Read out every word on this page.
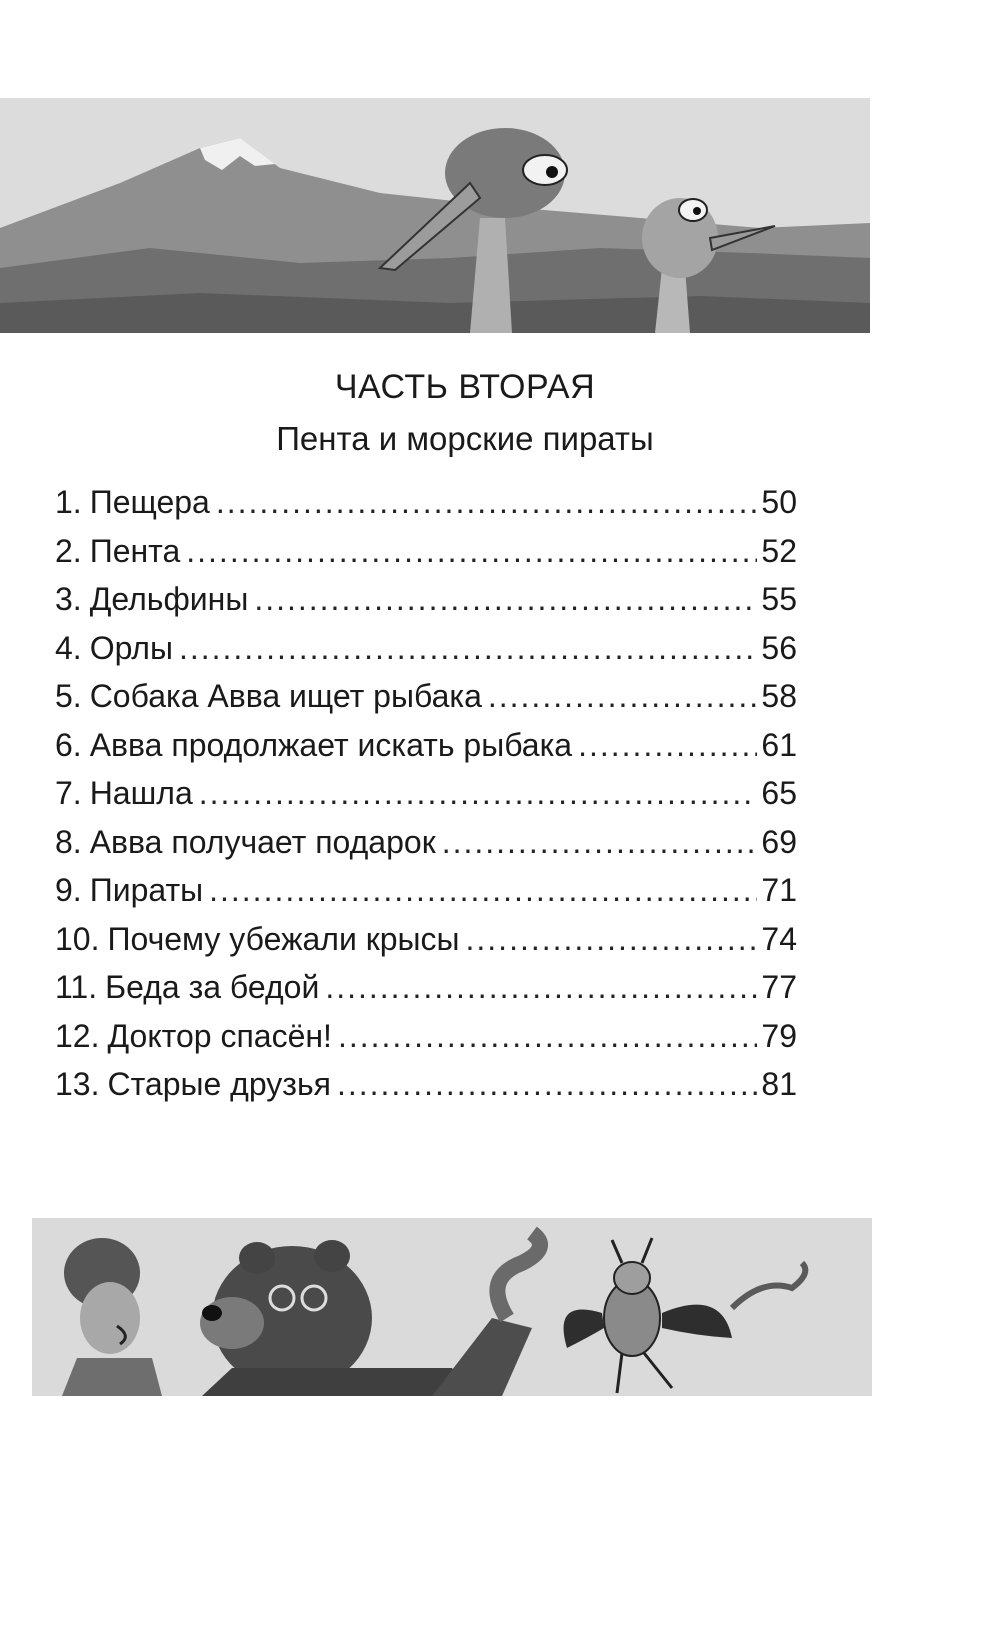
ЧАСТЬ ВТОРАЯ
Пента и морские пираты
1. Пещера .....	50
2. Пента .....	52
3. Дельфины .....	55
4. Орлы .....	56
5. Собака Авва ищет рыбака .....	58
6. Авва продолжает искать рыбака .....	61
7. Нашла .....	65
8. Авва получает подарок .....	69
9. Пираты .....	71
10. Почему убежали крысы .....	74
11. Беда за бедой .....	77
12. Доктор спасён! .....	79
13. Старые друзья .....	81
